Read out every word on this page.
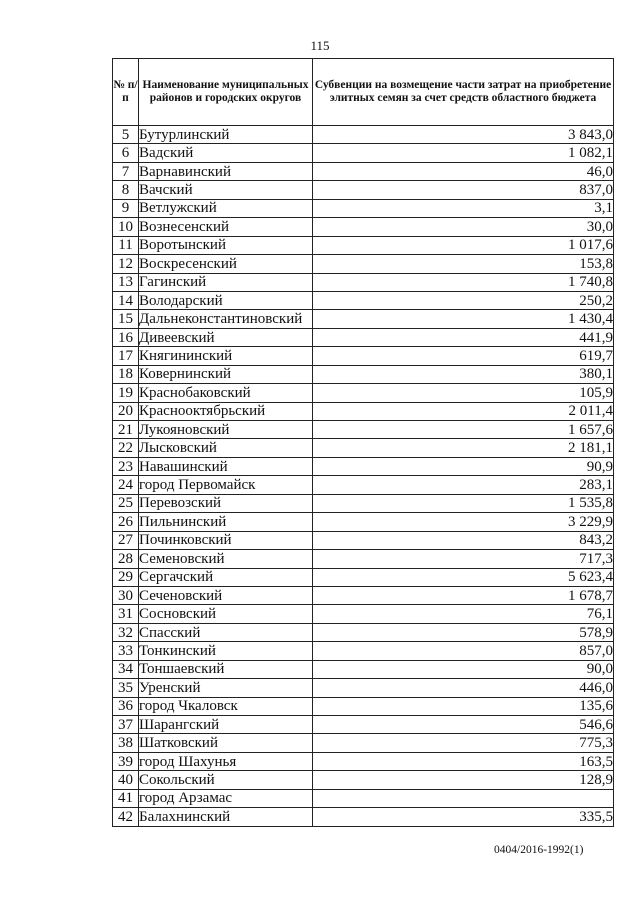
115
№ п/п	Наименование муниципальных районов и городских округов	Субвенции на возмещение части затрат на приобретение элитных семян за счет средств областного бюджета
5	Бутурлинский	3 843,0
6	Вадский	1 082,1
7	Варнавинский	46,0
8	Вачский	837,0
9	Ветлужский	3,1
10	Вознесенский	30,0
11	Воротынский	1 017,6
12	Воскресенский	153,8
13	Гагинский	1 740,8
14	Володарский	250,2
15	Дальнеконстантиновский	1 430,4
16	Дивеевский	441,9
17	Княгининский	619,7
18	Ковернинский	380,1
19	Краснобаковский	105,9
20	Краснооктябрьский	2 011,4
21	Лукояновский	1 657,6
22	Лысковский	2 181,1
23	Навашинский	90,9
24	город Первомайск	283,1
25	Перевозский	1 535,8
26	Пильнинский	3 229,9
27	Починковский	843,2
28	Семеновский	717,3
29	Сергачский	5 623,4
30	Сеченовский	1 678,7
31	Сосновский	76,1
32	Спасский	578,9
33	Тонкинский	857,0
34	Тоншаевский	90,0
35	Уренский	446,0
36	город Чкаловск	135,6
37	Шарангский	546,6
38	Шатковский	775,3
39	город Шахунья	163,5
40	Сокольский	128,9
41	город Арзамас	
42	Балахнинский	335,5
0404/2016-1992(1)
